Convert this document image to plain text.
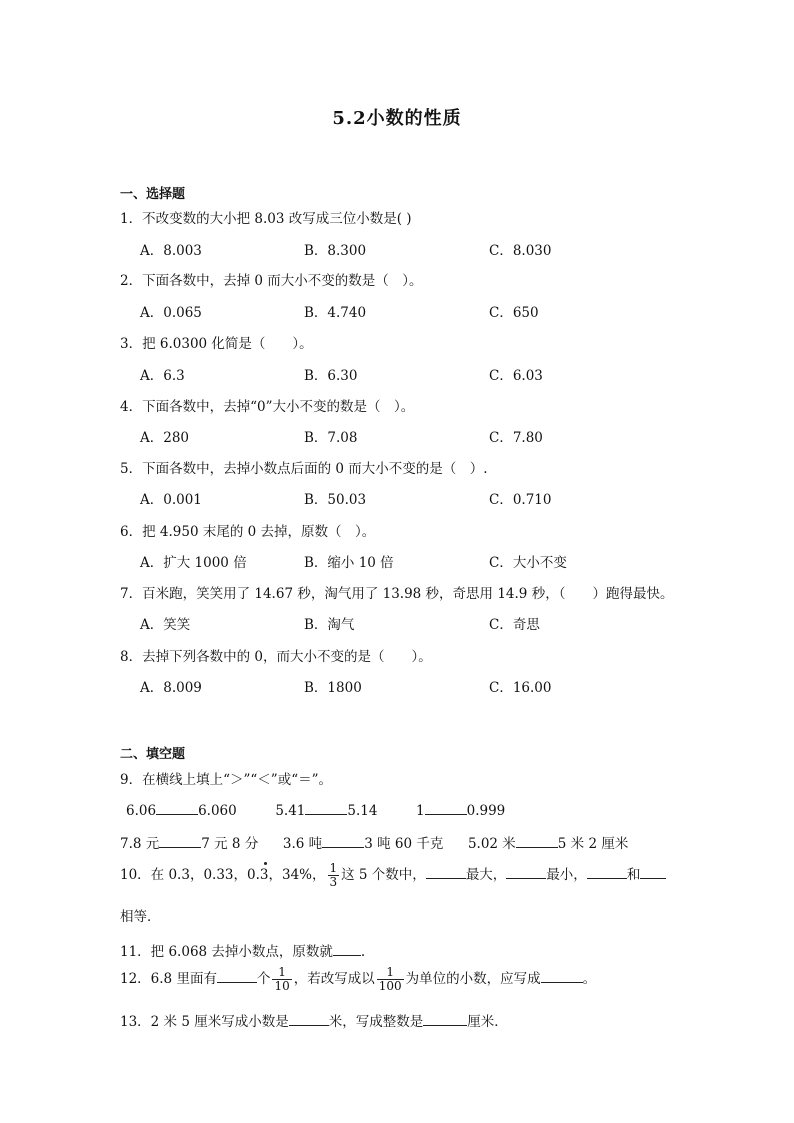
5.2小数的性质
一、选择题
1．不改变数的大小把 8.03 改写成三位小数是( )
A．8.003	B．8.300	C．8.030
2．下面各数中，去掉 0 而大小不变的数是（　）。
A．0.065	B．4.740	C．650
3．把 6.0300 化简是（　　）。
A．6.3	B．6.30	C．6.03
4．下面各数中，去掉“0”大小不变的数是（　）。
A．280	B．7.08	C．7.80
5．下面各数中，去掉小数点后面的 0 而大小不变的是（　）.
A．0.001	B．50.03	C．0.710
6．把 4.950 末尾的 0 去掉，原数（　）。
A．扩大 1000 倍	B．缩小 10 倍	C．大小不变
7．百米跑，笑笑用了 14.67 秒，淘气用了 13.98 秒，奇思用 14.9 秒，（　　）跑得最快。
A．笑笑	B．淘气	C．奇思
8．去掉下列各数中的 0，而大小不变的是（　　）。
A．8.009	B．1800	C．16.00
二、填空题
9．在横线上填上“＞”“＜”或“＝”。
6.06	6.060	5.41	5.14	1	0.999
7.8 元	7 元 8 分 3.6 吨	3 吨 60 千克 5.02 米	5 米 2 厘米
10．在 0.3，0.33，0.3
，34%， $\frac{1}{3}$ 这 5 个数中，	最大，	最小，	和
相等．
11．把 6.068 去掉小数点，原数就 .
12．6.8 里面有	个 $\frac{1}{10}$ ，若改写成以 $\frac{1}{100}$ 为单位的小数，应写成	。
13．2 米 5 厘米写成小数是	米，写成整数是	厘米．
